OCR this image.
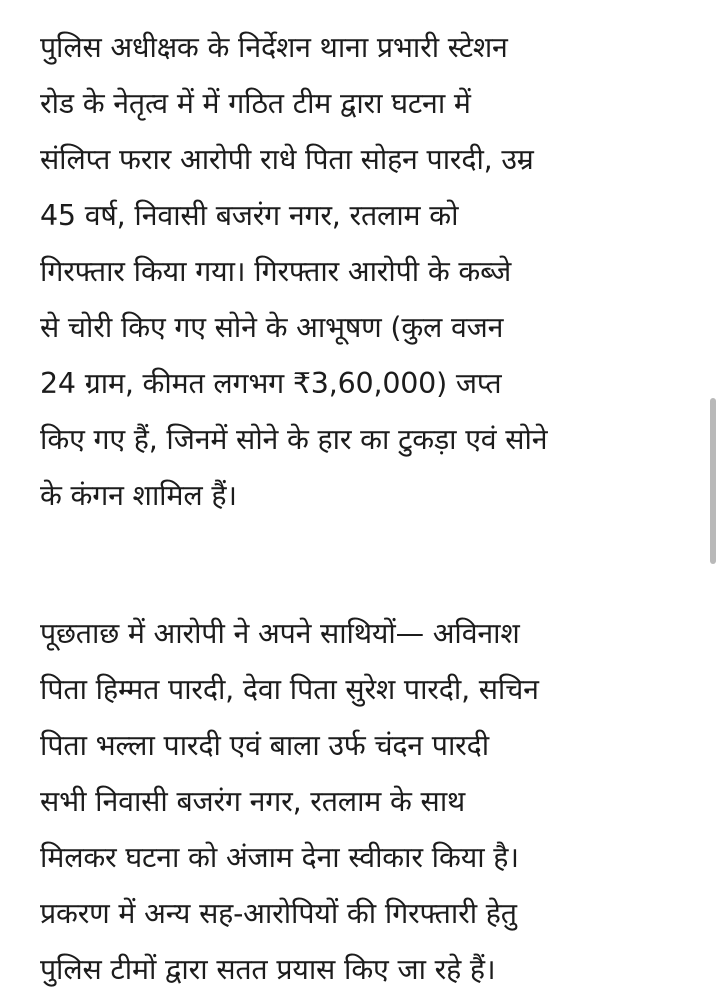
पुलिस अधीक्षक के निर्देशन थाना प्रभारी स्टेशन
रोड के नेतृत्व में में गठित टीम द्वारा घटना में
संलिप्त फरार आरोपी राधे पिता सोहन पारदी, उम्र
45 वर्ष, निवासी बजरंग नगर, रतलाम को
गिरफ्तार किया गया। गिरफ्तार आरोपी के कब्जे
से चोरी किए गए सोने के आभूषण (कुल वजन
24 ग्राम, कीमत लगभग ₹3,60,000) जप्त
किए गए हैं, जिनमें सोने के हार का टुकड़ा एवं सोने
के कंगन शामिल हैं।
पूछताछ में आरोपी ने अपने साथियों— अविनाश
पिता हिम्मत पारदी, देवा पिता सुरेश पारदी, सचिन
पिता भल्ला पारदी एवं बाला उर्फ चंदन पारदी
सभी निवासी बजरंग नगर, रतलाम के साथ
मिलकर घटना को अंजाम देना स्वीकार किया है।
प्रकरण में अन्य सह-आरोपियों की गिरफ्तारी हेतु
पुलिस टीमों द्वारा सतत प्रयास किए जा रहे हैं।
